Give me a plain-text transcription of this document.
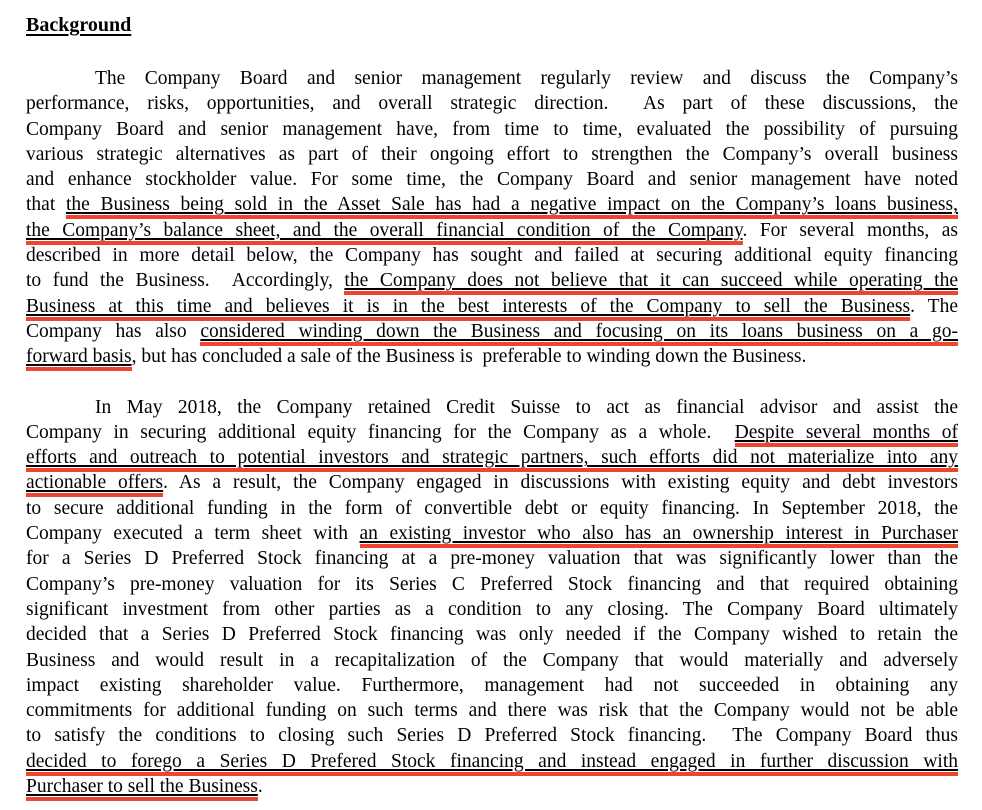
Background
The Company Board and senior management regularly review and discuss the Company’s
performance, risks, opportunities, and overall strategic direction.  As part of these discussions, the
Company Board and senior management have, from time to time, evaluated the possibility of pursuing
various strategic alternatives as part of their ongoing effort to strengthen the Company’s overall business
and enhance stockholder value. For some time, the Company Board and senior management have noted
that the Business being sold in the Asset Sale has had a negative impact on the Company’s loans business,
the Company’s balance sheet, and the overall financial condition of the Company. For several months, as
described in more detail below, the Company has sought and failed at securing additional equity financing
to fund the Business.  Accordingly, the Company does not believe that it can succeed while operating the
Business at this time and believes it is in the best interests of the Company to sell the Business. The
Company has also considered winding down the Business and focusing on its loans business on a go-
forward basis, but has concluded a sale of the Business is  preferable to winding down the Business.
In May 2018, the Company retained Credit Suisse to act as financial advisor and assist the
Company in securing additional equity financing for the Company as a whole.  Despite several months of
efforts and outreach to potential investors and strategic partners, such efforts did not materialize into any
actionable offers. As a result, the Company engaged in discussions with existing equity and debt investors
to secure additional funding in the form of convertible debt or equity financing. In September 2018, the
Company executed a term sheet with an existing investor who also has an ownership interest in Purchaser
for a Series D Preferred Stock financing at a pre-money valuation that was significantly lower than the
Company’s pre-money valuation for its Series C Preferred Stock financing and that required obtaining
significant investment from other parties as a condition to any closing. The Company Board ultimately
decided that a Series D Preferred Stock financing was only needed if the Company wished to retain the
Business and would result in a recapitalization of the Company that would materially and adversely
impact existing shareholder value. Furthermore, management had not succeeded in obtaining any
commitments for additional funding on such terms and there was risk that the Company would not be able
to satisfy the conditions to closing such Series D Preferred Stock financing.  The Company Board thus
decided to forego a Series D Prefered Stock financing and instead engaged in further discussion with
Purchaser to sell the Business.
